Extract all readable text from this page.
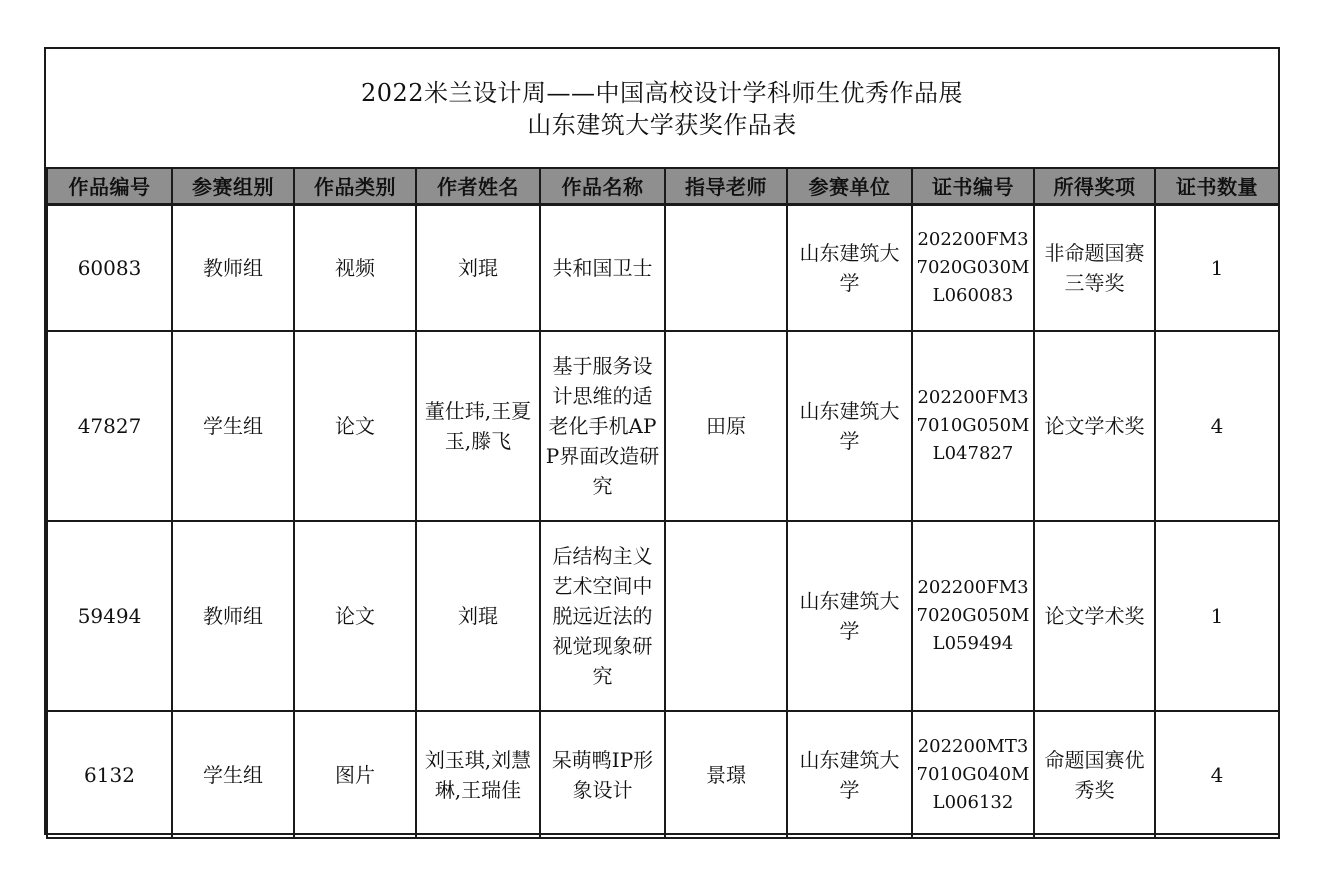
2022米兰设计周——中国高校设计学科师生优秀作品展
山东建筑大学获奖作品表
作品编号	参赛组别	作品类别	作者姓名	作品名称	指导老师	参赛单位	证书编号	所得奖项	证书数量

60083	教师组	视频	刘琨	共和国卫士		山东建筑大学	202200FM37020G030ML060083	非命题国赛三等奖	1

47827	学生组	论文	董仕玮,王夏玉,滕飞	基于服务设计思维的适老化手机APP界面改造研究	田原	山东建筑大学	202200FM37010G050ML047827	论文学术奖	4

59494	教师组	论文	刘琨	后结构主义艺术空间中脱远近法的视觉现象研究		山东建筑大学	202200FM37020G050ML059494	论文学术奖	1

6132	学生组	图片	刘玉琪,刘慧琳,王瑞佳	呆萌鸭IP形象设计	景璟	山东建筑大学	202200MT37010G040ML006132	命题国赛优秀奖	4
